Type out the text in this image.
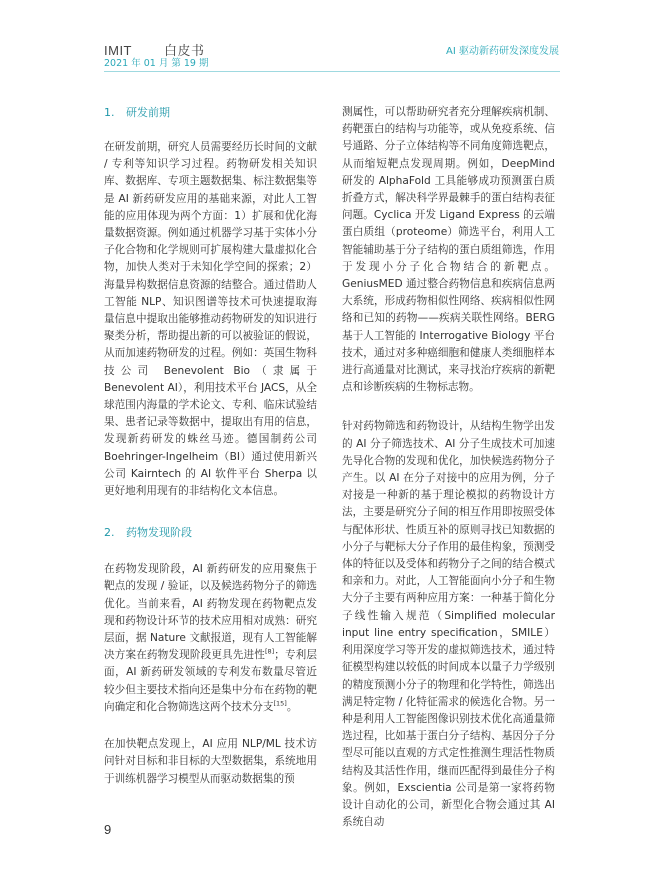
IMIT 白皮书
2021 年 01 月 第 19 期
AI 驱动新药研发深度发展

1. 研发前期

在研发前期，研究人员需要经历长时间的文献 / 专利等知识学习过程。药物研发相关知识库、数据库、专项主题数据集、标注数据集等是 AI 新药研发应用的基础来源，对此人工智能的应用体现为两个方面：1）扩展和优化海量数据资源。例如通过机器学习基于实体小分子化合物和化学规则可扩展构建大量虚拟化合物，加快人类对于未知化学空间的探索；2）海量异构数据信息资源的结整合。通过借助人工智能 NLP、知识图谱等技术可快速提取海量信息中提取出能够推动药物研发的知识进行聚类分析，帮助提出新的可以被验证的假说，从而加速药物研发的过程。例如：英国生物科技公司 Benevolent Bio（隶属于 Benevolent AI），利用技术平台 JACS，从全球范围内海量的学术论文、专利、临床试验结果、患者记录等数据中，提取出有用的信息，发现新药研发的蛛丝马迹。德国制药公司 Boehringer-Ingelheim（BI）通过使用新兴公司 Kairntech 的 AI 软件平台 Sherpa 以更好地利用现有的非结构化文本信息。

2. 药物发现阶段

在药物发现阶段，AI 新药研发的应用聚焦于靶点的发现 / 验证，以及候选药物分子的筛选优化。当前来看，AI 药物发现在药物靶点发现和药物设计环节的技术应用相对成熟：研究层面，据 Nature 文献报道，现有人工智能解决方案在药物发现阶段更具先进性[8]；专利层面，AI 新药研发领域的专利发布数量尽管近较少但主要技术指向还是集中分布在药物的靶向确定和化合物筛选这两个技术分支[15]。

在加快靶点发现上，AI 应用 NLP/ML 技术访问针对目标和非目标的大型数据集，系统地用于训练机器学习模型从而驱动数据集的预

测属性，可以帮助研究者充分理解疾病机制、药靶蛋白的结构与功能等，或从免疫系统、信号通路、分子立体结构等不同角度筛选靶点，从而缩短靶点发现周期。例如，DeepMind 研发的 AlphaFold 工具能够成功预测蛋白质折叠方式，解决科学界最棘手的蛋白结构表征问题。Cyclica 开发 Ligand Express 的云端蛋白质组（proteome）筛选平台，利用人工智能辅助基于分子结构的蛋白质组筛选，作用于发现小分子化合物结合的新靶点。GeniusMED 通过整合药物信息和疾病信息两大系统，形成药物相似性网络、疾病相似性网络和已知的药物——疾病关联性网络。BERG 基于人工智能的 Interrogative Biology 平台技术，通过对多种癌细胞和健康人类细胞样本进行高通量对比测试，来寻找治疗疾病的新靶点和诊断疾病的生物标志物。

针对药物筛选和药物设计，从结构生物学出发的 AI 分子筛选技术、AI 分子生成技术可加速先导化合物的发现和优化，加快候选药物分子产生。以 AI 在分子对接中的应用为例，分子对接是一种新的基于理论模拟的药物设计方法，主要是研究分子间的相互作用即按照受体与配体形状、性质互补的原则寻找已知数据的小分子与靶标大分子作用的最佳构象，预测受体的特征以及受体和药物分子之间的结合模式和亲和力。对此，人工智能面向小分子和生物大分子主要有两种应用方案：一种基于简化分子线性输入规范（Simplified molecular input line entry specification，SMILE）利用深度学习等开发的虚拟筛选技术，通过特征模型构建以较低的时间成本以量子力学级别的精度预测小分子的物理和化学特性，筛选出满足特定物 / 化特征需求的候选化合物。另一种是利用人工智能图像识别技术优化高通量筛选过程，比如基于蛋白分子结构、基因分子分型尽可能以直观的方式定性推测生理活性物质结构及其活性作用，继而匹配得到最佳分子构象。例如，Exscientia 公司是第一家将药物设计自动化的公司，新型化合物会通过其 AI 系统自动

9
